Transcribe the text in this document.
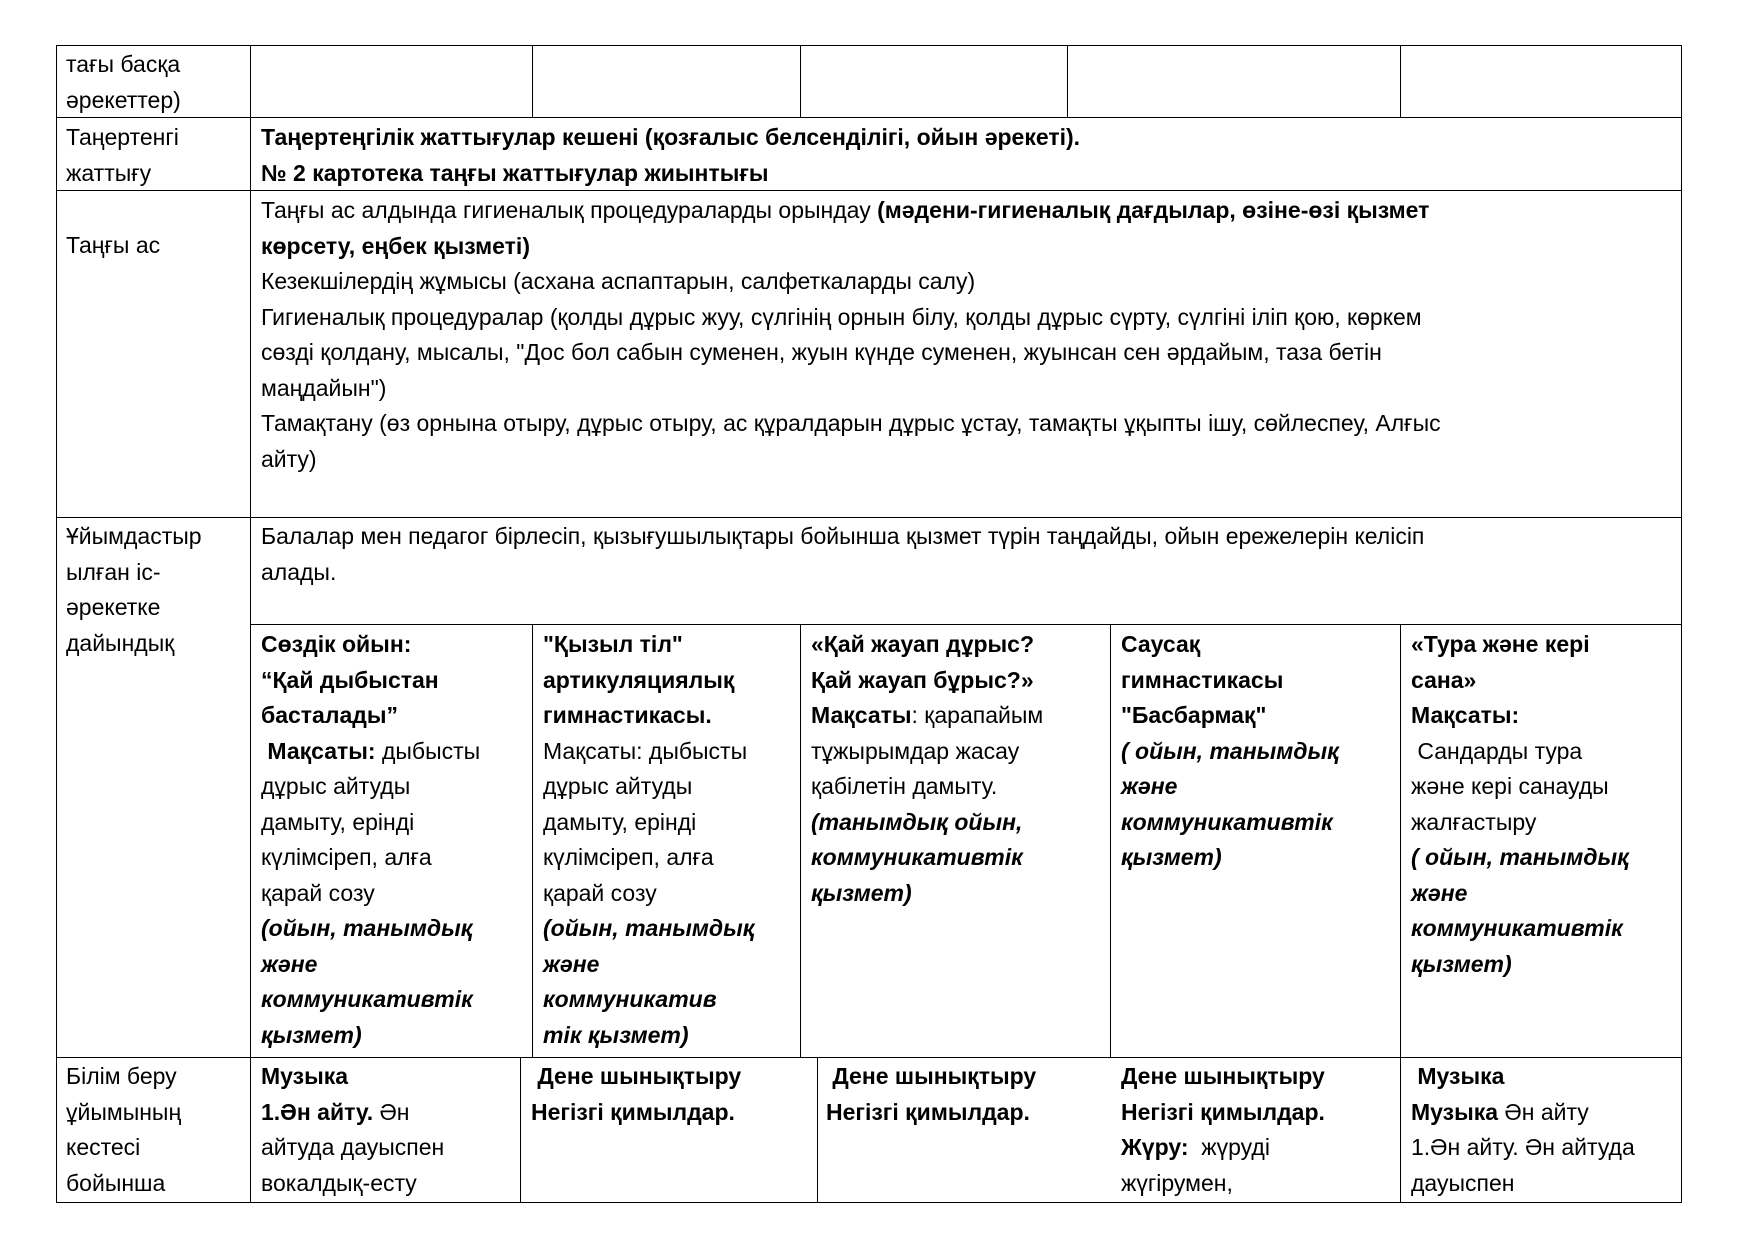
тағы басқа
әрекеттер)
Таңертенгі
жаттығу
Таңертеңгілік жаттығулар кешені (қозғалыс белсенділігі, ойын әрекеті).
№ 2 картотека таңғы жаттығулар жиынтығы
Таңғы ас
Таңғы ас алдында гигиеналық процедураларды орындау (мәдени-гигиеналық дағдылар, өзіне-өзі қызмет
көрсету, еңбек қызметі)
Кезекшілердің жұмысы (асхана аспаптарын, салфеткаларды салу)
Гигиеналық процедуралар (қолды дұрыс жуу, сүлгінің орнын білу, қолды дұрыс сүрту, сүлгіні іліп қою, көркем
сөзді қолдану, мысалы, "Дос бол сабын суменен, жуын күнде суменен, жуынсан сен әрдайым, таза бетін
маңдайын")
Тамақтану (өз орнына отыру, дұрыс отыру, ас құралдарын дұрыс ұстау, тамақты ұқыпты ішу, сөйлеспеу, Алғыс
айту)
Ұйымдастыр
ылған іс-
әрекетке
дайындық
Балалар мен педагог бірлесіп, қызығушылықтары бойынша қызмет түрін таңдайды, ойын ережелерін келісіп
алады.
Сөздік ойын:
“Қай дыбыстан
басталады”
Мақсаты: дыбысты
дұрыс айтуды
дамыту, ерінді
күлімсіреп, алға
қарай созу
(ойын, танымдық
және
коммуникативтік
қызмет)
"Қызыл тіл"
артикуляциялық
гимнастикасы.
Мақсаты: дыбысты
дұрыс айтуды
дамыту, ерінді
күлімсіреп, алға
қарай созу
(ойын, танымдық
және
коммуникатив
тік қызмет)
«Қай жауап дұрыс?
Қай жауап бұрыс?»
Мақсаты: қарапайым
тұжырымдар жасау
қабілетін дамыту.
(танымдық ойын,
коммуникативтік
қызмет)
Саусақ
гимнастикасы
"Басбармақ"
( ойын, танымдық
және
коммуникативтік
қызмет)
«Тура және кері
сана»
Мақсаты:
Сандарды тура
және кері санауды
жалғастыру
( ойын, танымдық
және
коммуникативтік
қызмет)
Білім беру
ұйымының
кестесі
бойынша
Музыка
1.Ән айту. Ән
айтуда дауыспен
вокалдық-есту
Дене шынықтыру
Негізгі қимылдар.
Дене шынықтыру
Негізгі қимылдар.
Дене шынықтыру
Негізгі қимылдар.
Жүру:  жүруді
жүгірумен,
Музыка
Музыка Ән айту
1.Ән айту. Ән айтуда
дауыспен
